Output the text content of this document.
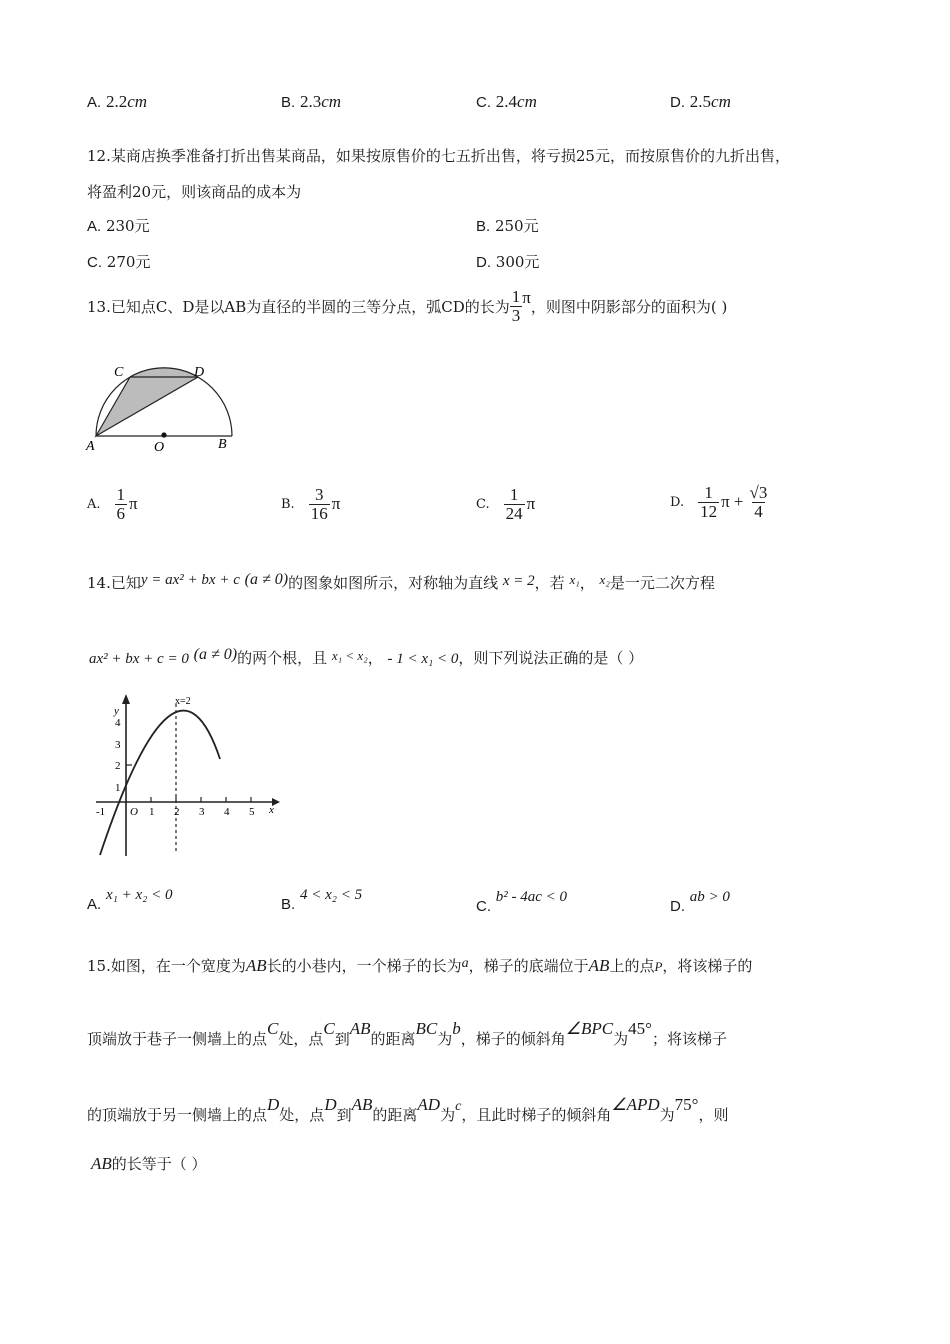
A. 2.2cm	B. 2.3cm	C. 2.4cm	D. 2.5cm
12.某商店换季准备打折出售某商品，如果按原售价的七五折出售，将亏损25元，而按原售价的九折出售，
将盈利20元，则该商品的成本为
A. 230元	B. 250元
C. 270元	D. 300元
13.已知点C、D是以AB为直径的半圆的三等分点，弧CD的长为 $\frac{1}{3}$ π ，则图中阴影部分的面积为( )
C	D
A	O	B
A. $\frac{1}{6}$ π	B. $\frac{3}{16}$ π	C. $\frac{1}{24}$ π	D. $\frac{1}{12}$ $\pi + \frac{√3}{4}$
14.已知y = ax² + bx + c (a ≠ 0)的图象如图所示，对称轴为直线 x = 2，若 x₁， x₂是一元二次方程
ax² + bx + c = 0 (a ≠ 0)的两个根，且 x₁ < x₂， - 1 < x₁ < 0，则下列说法正确的是（ ）
x=2
y
x
4
3
2
1
-1 O 1 2 3 4 5
A. x₁ + x₂ < 0
B. 4 < x₂ < 5
C. b² - 4ac < 0
D. ab > 0
15.如图，在一个宽度为AB长的小巷内，一个梯子的长为a，梯子的底端位于AB上的点P，将该梯子的
顶端放于巷子一侧墙上的点C处，点C到AB的距离BC为b，梯子的倾斜角∠BPC为45°；将该梯子
的顶端放于另一侧墙上的点D处，点D到AB的距离AD为c，且此时梯子的倾斜角∠APD为75°，则
AB的长等于（ ）
